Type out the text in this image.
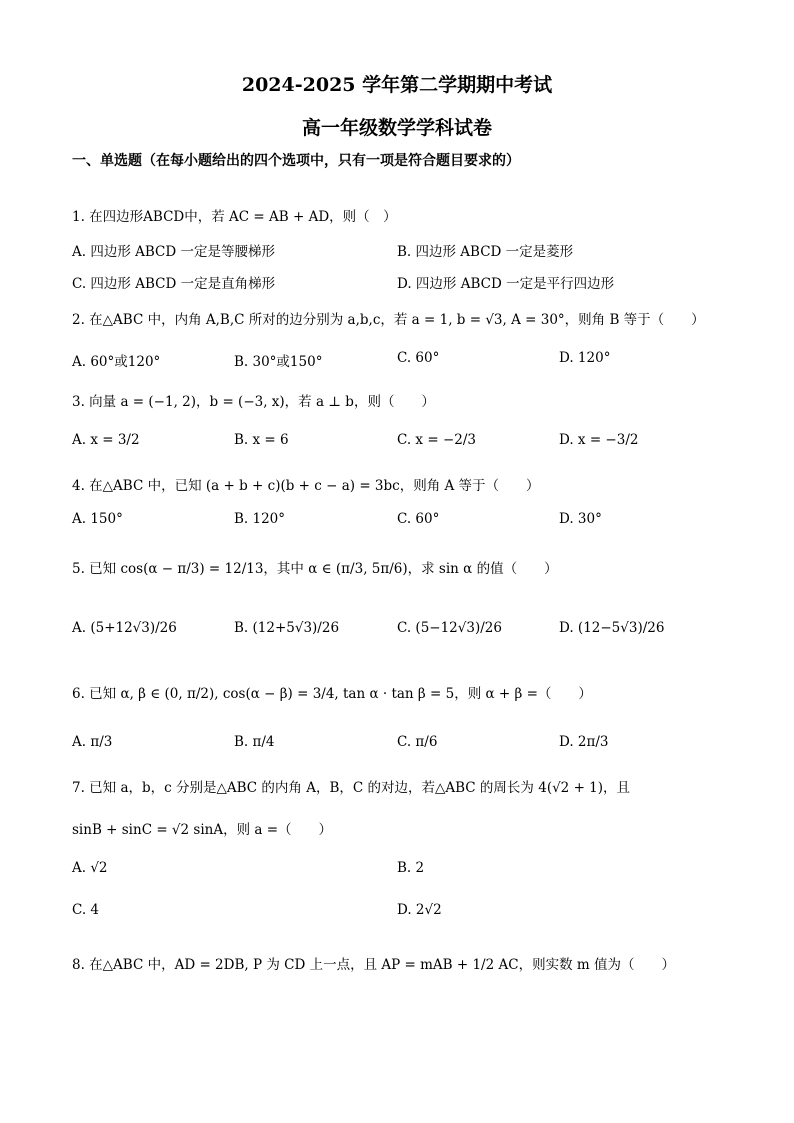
2024-2025 学年第二学期期中考试
高一年级数学学科试卷
一、单选题（在每小题给出的四个选项中，只有一项是符合题目要求的）
1. 在四边形ABCD中，若 AC = AB + AD，则（　）
A. 四边形 ABCD 一定是等腰梯形	B. 四边形 ABCD 一定是菱形
C. 四边形 ABCD 一定是直角梯形	D. 四边形 ABCD 一定是平行四边形
2. 在△ABC 中，内角 A,B,C 所对的边分别为 a,b,c，若 a = 1, b = √3, A = 30°，则角 B 等于（　　）
A. 60°或120°	B. 30°或150°	C. 60°	D. 120°
3. 向量 a = (−1, 2)，b = (−3, x)，若 a ⊥ b，则（　　）
A. x = 3/2	B. x = 6	C. x = −2/3	D. x = −3/2
4. 在△ABC 中，已知 (a + b + c)(b + c − a) = 3bc，则角 A 等于（　　）
A. 150°	B. 120°	C. 60°	D. 30°
5. 已知 cos(α − π/3) = 12/13，其中 α ∈ (π/3, 5π/6)，求 sin α 的值（　　）
A. (5+12√3)/26	B. (12+5√3)/26	C. (5−12√3)/26	D. (12−5√3)/26
6. 已知 α, β ∈ (0, π/2), cos(α − β) = 3/4, tan α · tan β = 5，则 α + β =（　　）
A. π/3	B. π/4	C. π/6	D. 2π/3
7. 已知 a，b，c 分别是△ABC 的内角 A，B，C 的对边，若△ABC 的周长为 4(√2 + 1)，且
sinB + sinC = √2 sinA，则 a =（　　）
A. √2	B. 2
C. 4	D. 2√2
8. 在△ABC 中，AD = 2DB, P 为 CD 上一点，且 AP = mAB + 1/2 AC，则实数 m 值为（　　）
